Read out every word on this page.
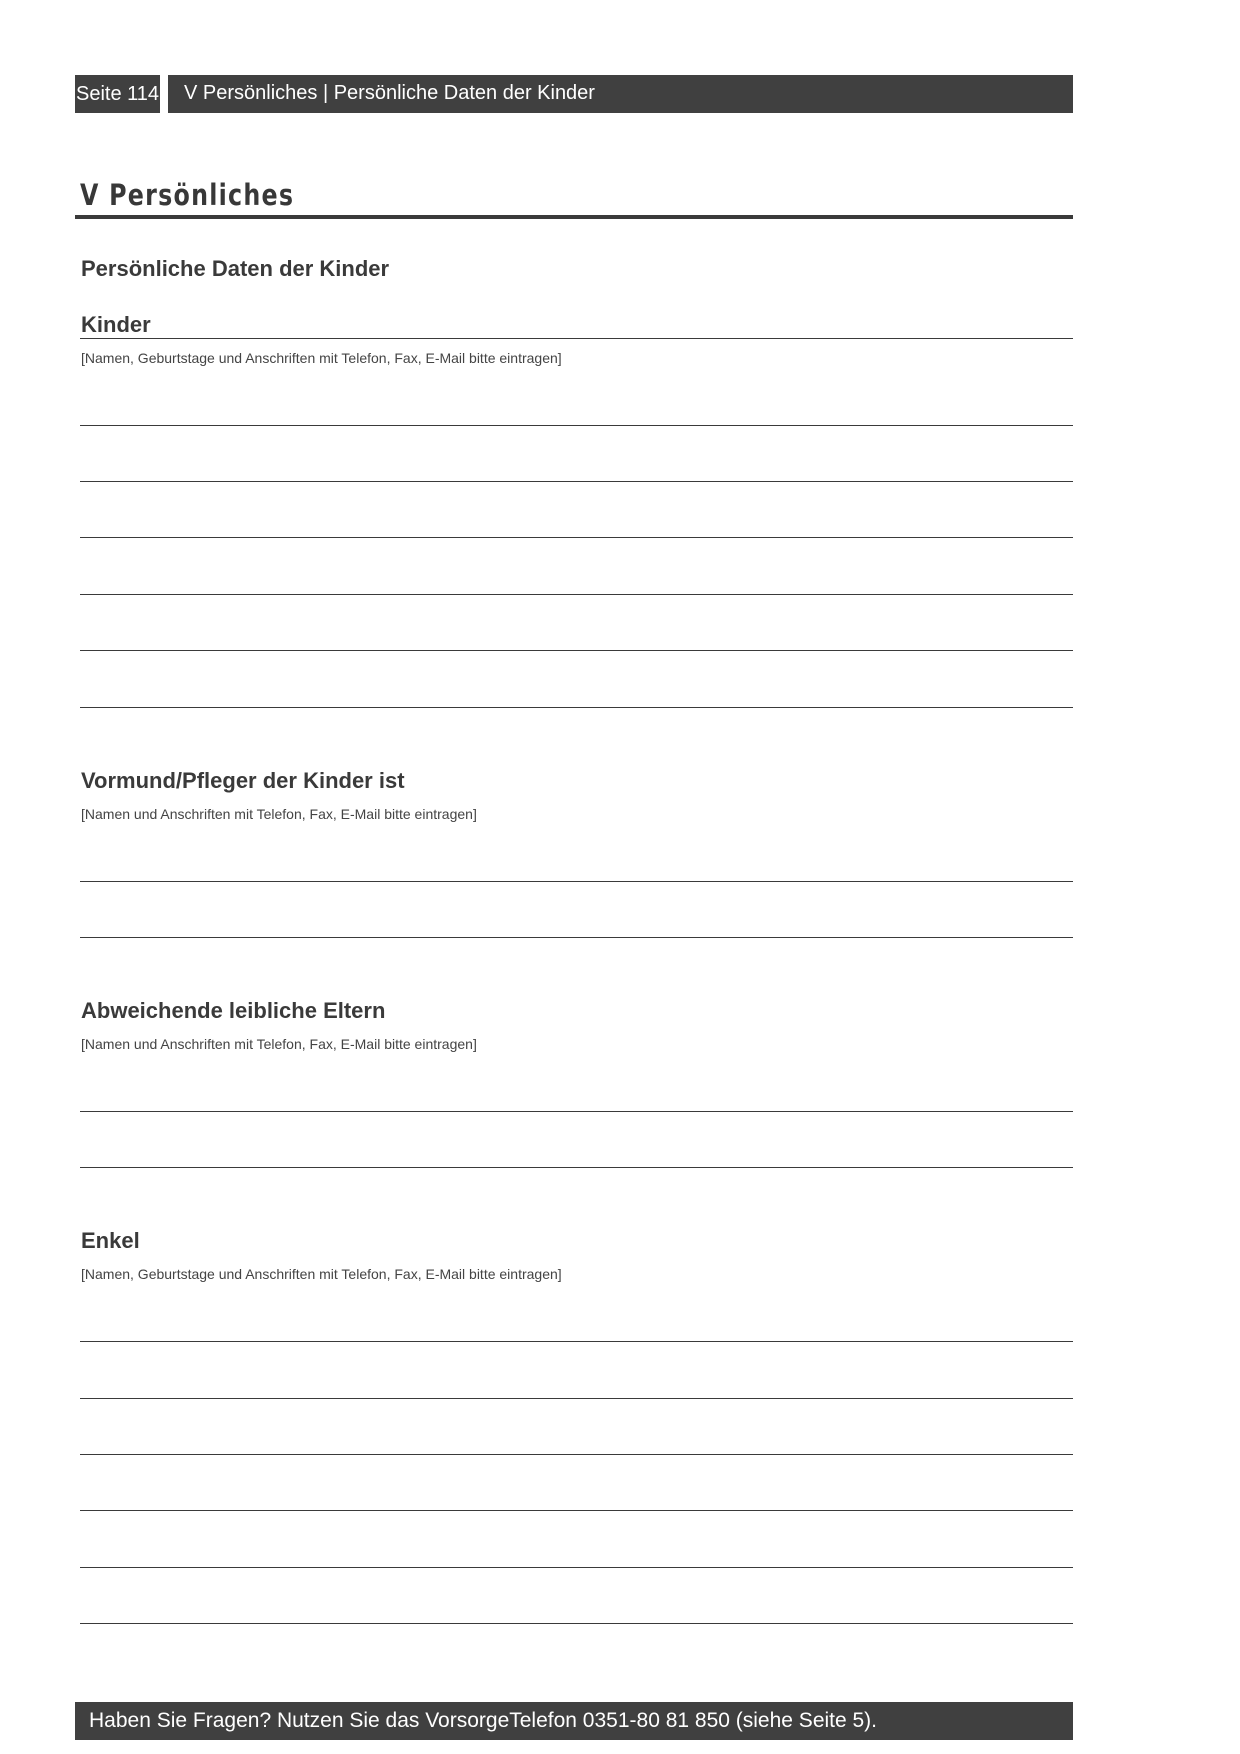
Seite 114	V Persönliches | Persönliche Daten der Kinder
V Persönliches
Persönliche Daten der Kinder
Kinder
[Namen, Geburtstage und Anschriften mit Telefon, Fax, E-Mail bitte eintragen]
Vormund/Pfleger der Kinder ist
[Namen und Anschriften mit Telefon, Fax, E-Mail bitte eintragen]
Abweichende leibliche Eltern
[Namen und Anschriften mit Telefon, Fax, E-Mail bitte eintragen]
Enkel
[Namen, Geburtstage und Anschriften mit Telefon, Fax, E-Mail bitte eintragen]
Haben Sie Fragen? Nutzen Sie das VorsorgeTelefon 0351-80 81 850 (siehe Seite 5).
